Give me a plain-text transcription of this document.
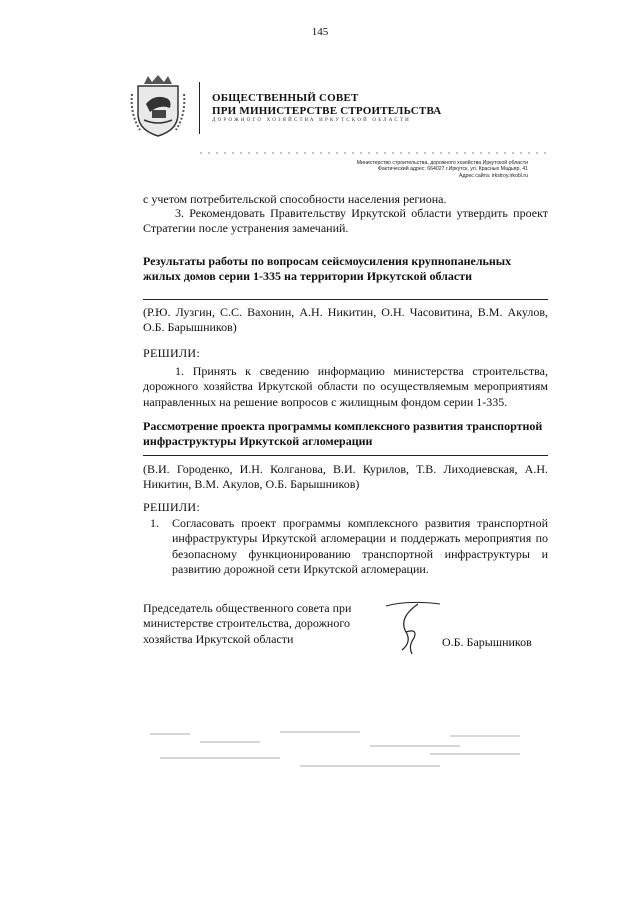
145
ОБЩЕСТВЕННЫЙ СОВЕТ
ПРИ МИНИСТЕРСТВЕ СТРОИТЕЛЬСТВА
ДОРОЖНОГО ХОЗЯЙСТВА ИРКУТСКОЙ ОБЛАСТИ
Министерство строительства, дорожного хозяйства Иркутской области
Фактический адрес: 664027 г.Иркутск, ул. Красных Мадьяр, 41
Адрес сайта: irkstroy.irkobl.ru
с учетом потребительской способности населения региона.
3. Рекомендовать Правительству Иркутской области утвердить проект Стратегии после устранения замечаний.
Результаты работы по вопросам сейсмоусиления крупнопанельных жилых домов серии 1-335 на территории Иркутской области
(Р.Ю. Лузгин, С.С. Вахонин, А.Н. Никитин, О.Н. Часовитина, В.М. Акулов, О.Б. Барышников)
РЕШИЛИ:
1. Принять к сведению информацию министерства строительства, дорожного хозяйства Иркутской области по осуществляемым мероприятиям направленных на решение вопросов с жилищным фондом серии 1-335.
Рассмотрение проекта программы комплексного развития транспортной инфраструктуры Иркутской агломерации
(В.И. Городенко, И.Н. Колганова, В.И. Курилов, Т.В. Лиходиевская, А.Н. Никитин, В.М. Акулов, О.Б. Барышников)
РЕШИЛИ:
1. Согласовать проект программы комплексного развития транспортной инфраструктуры Иркутской агломерации и поддержать мероприятия по безопасному функционированию транспортной инфраструктуры и развитию дорожной сети Иркутской агломерации.
Председатель общественного совета при
министерстве строительства, дорожного
хозяйства Иркутской области	О.Б. Барышников
